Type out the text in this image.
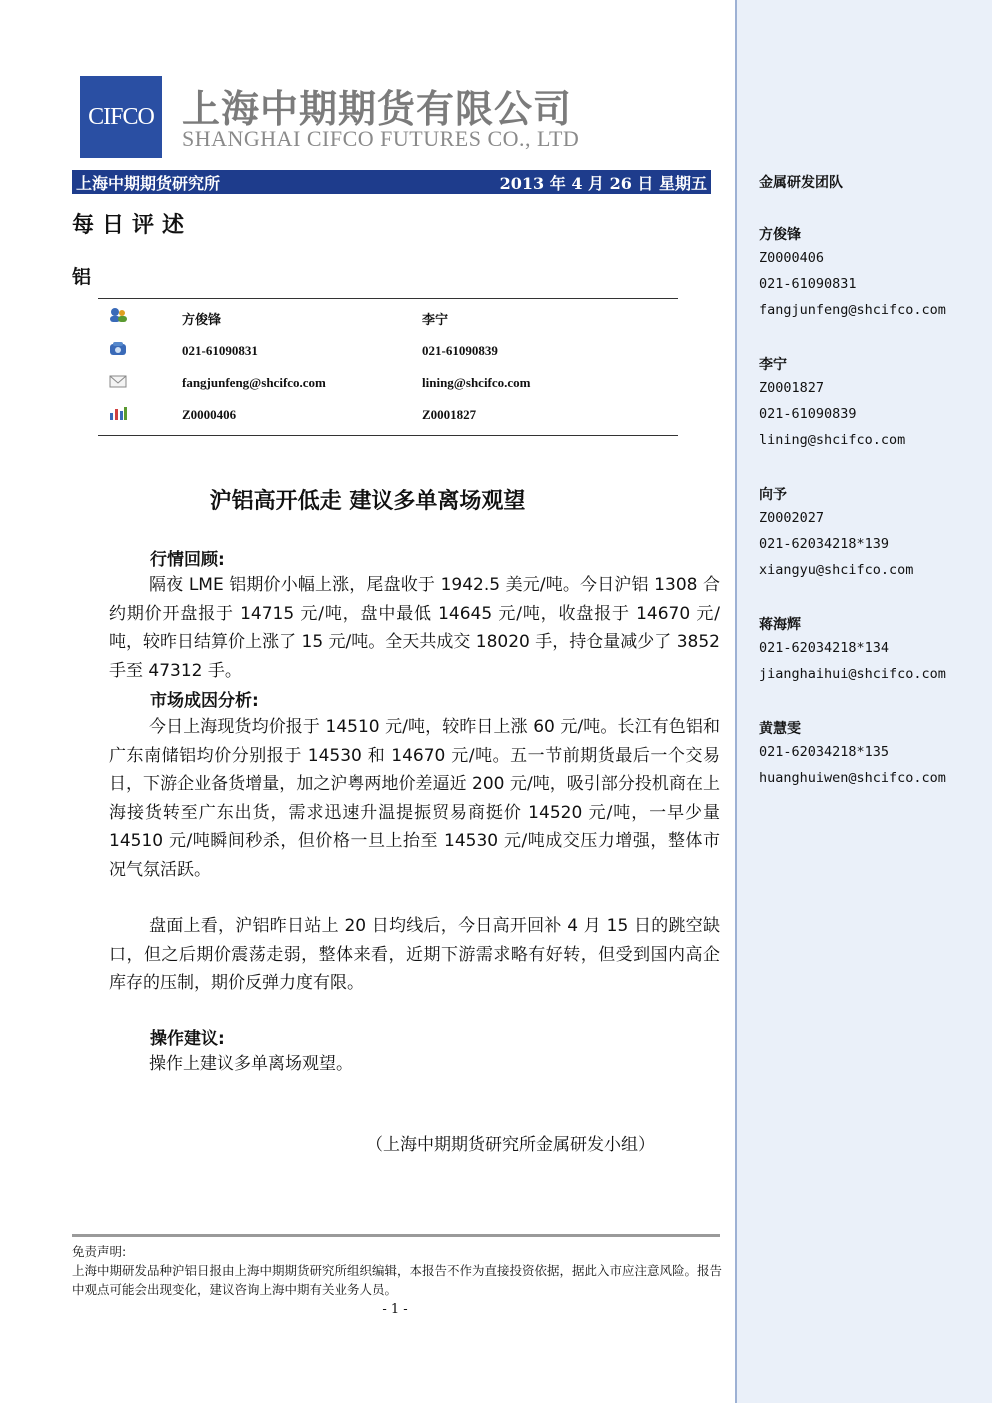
CIFCO 上海中期期货有限公司
SHANGHAI CIFCO FUTURES CO., LTD
上海中期期货研究所	2013 年 4 月 26 日 星期五
每日评述
铝
方俊锋	李宁
021-61090831	021-61090839
fangjunfeng@shcifco.com	lining@shcifco.com
Z0000406	Z0001827
沪铝高开低走 建议多单离场观望
行情回顾:

隔夜 LME 铝期价小幅上涨，尾盘收于 1942.5 美元/吨。今日沪铝 1308 合约期价开盘报于 14715 元/吨，盘中最低 14645 元/吨，收盘报于 14670 元/吨，较昨日结算价上涨了 15 元/吨。全天共成交 18020 手，持仓量减少了 3852 手至 47312 手。

市场成因分析:

今日上海现货均价报于 14510 元/吨，较昨日上涨 60 元/吨。长江有色铝和广东南储铝均价分别报于 14530 和 14670 元/吨。五一节前期货最后一个交易日，下游企业备货增量，加之沪粤两地价差逼近 200 元/吨，吸引部分投机商在上海接货转至广东出货，需求迅速升温提振贸易商挺价 14520 元/吨，一早少量 14510 元/吨瞬间秒杀，但价格一旦上抬至 14530 元/吨成交压力增强，整体市况气氛活跃。

盘面上看，沪铝昨日站上 20 日均线后，今日高开回补 4 月 15 日的跳空缺口，但之后期价震荡走弱，整体来看，近期下游需求略有好转，但受到国内高企库存的压制，期价反弹力度有限。

操作建议:

操作上建议多单离场观望。

（上海中期期货研究所金属研发小组）
免责声明:
上海中期研发品种沪铝日报由上海中期期货研究所组织编辑，本报告不作为直接投资依据，据此入市应注意风险。报告中观点可能会出现变化，建议咨询上海中期有关业务人员。
- 1 -
金属研发团队
方俊锋
Z0000406
021-61090831
fangjunfeng@shcifco.com
李宁
Z0001827
021-61090839
lining@shcifco.com
向予
Z0002027
021-62034218*139
xiangyu@shcifco.com
蒋海辉
021-62034218*134
jianghaihui@shcifco.com
黄慧雯
021-62034218*135
huanghuiwen@shcifco.com
